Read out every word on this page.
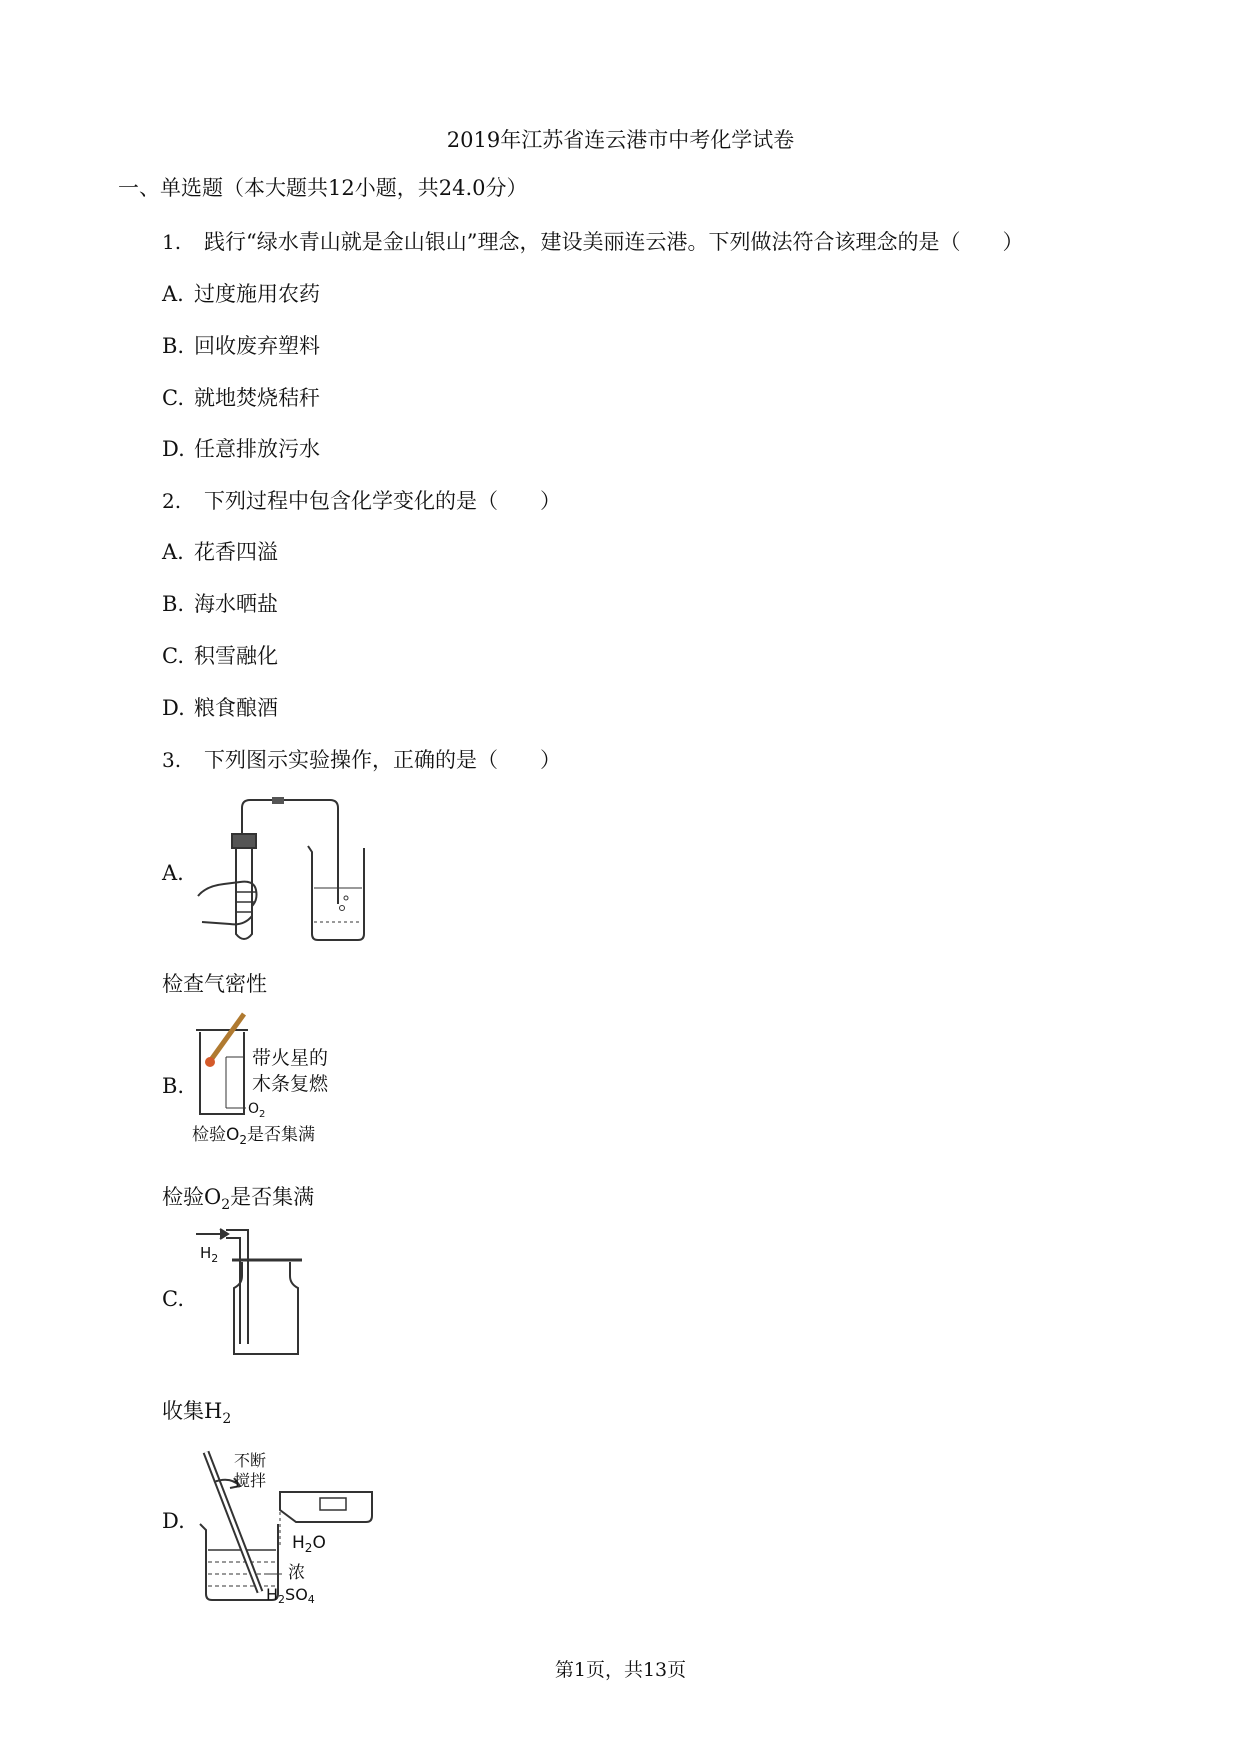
2019年江苏省连云港市中考化学试卷
一、单选题（本大题共12小题，共24.0分）
1. 践行“绿水青山就是金山银山”理念，建设美丽连云港。下列做法符合该理念的是（　　）
A. 过度施用农药
B. 回收废弃塑料
C. 就地焚烧秸秆
D. 任意排放污水
2. 下列过程中包含化学变化的是（　　）
A. 花香四溢
B. 海水晒盐
C. 积雪融化
D. 粮食酿酒
3. 下列图示实验操作，正确的是（　　）
A.
检查气密性
B.
带火星的
木条复燃
$O_2$
检验$O_2$是否集满
检验$O_2$是否集满
C.
$H_2$
收集$H_2$
D.
不断
搅拌
$H_2O$
浓
H2SO4
第1页，共13页
